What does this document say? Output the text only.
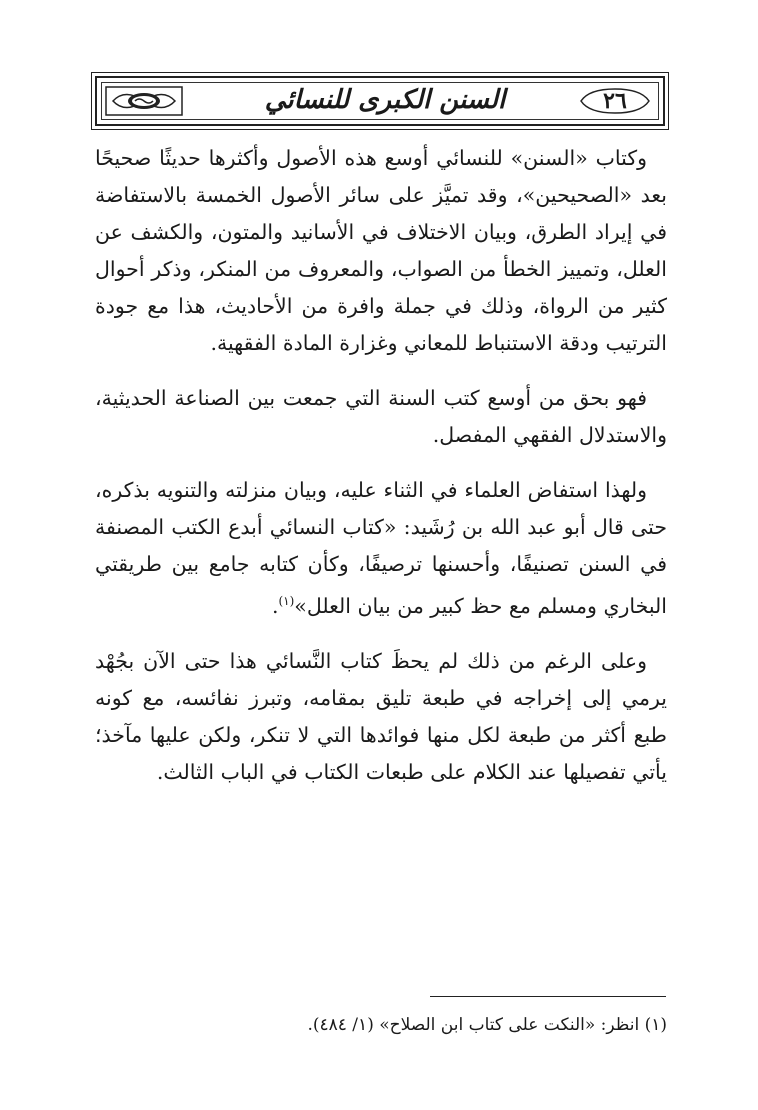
٢٦
السنن الكبرى للنسائي

وكتاب «السنن» للنسائي أوسع هذه الأصول وأكثرها حديثًا صحيحًا بعد «الصحيحين»، وقد تميَّز على سائر الأصول الخمسة بالاستفاضة في إيراد الطرق، وبيان الاختلاف في الأسانيد والمتون، والكشف عن العلل، وتمييز الخطأ من الصواب، والمعروف من المنكر، وذكر أحوال كثير من الرواة، وذلك في جملة وافرة من الأحاديث، هذا مع جودة الترتيب ودقة الاستنباط للمعاني وغزارة المادة الفقهية.

فهو بحق من أوسع كتب السنة التي جمعت بين الصناعة الحديثية، والاستدلال الفقهي المفصل.

ولهذا استفاض العلماء في الثناء عليه، وبيان منزلته والتنويه بذكره، حتى قال أبو عبد الله بن رُشَيد: «كتاب النسائي أبدع الكتب المصنفة في السنن تصنيفًا، وأحسنها ترصيفًا، وكأن كتابه جامع بين طريقتي البخاري ومسلم مع حظ كبير من بيان العلل»$^{(١)}$.

وعلى الرغم من ذلك لم يحظَ كتاب النَّسائي هذا حتى الآن بجُهْد يرمي إلى إخراجه في طبعة تليق بمقامه، وتبرز نفائسه، مع كونه طبع أكثر من طبعة لكل منها فوائدها التي لا تنكر، ولكن عليها مآخذ؛ يأتي تفصيلها عند الكلام على طبعات الكتاب في الباب الثالث.

(١) انظر: «النكت على كتاب ابن الصلاح» (١/ ٤٨٤).
